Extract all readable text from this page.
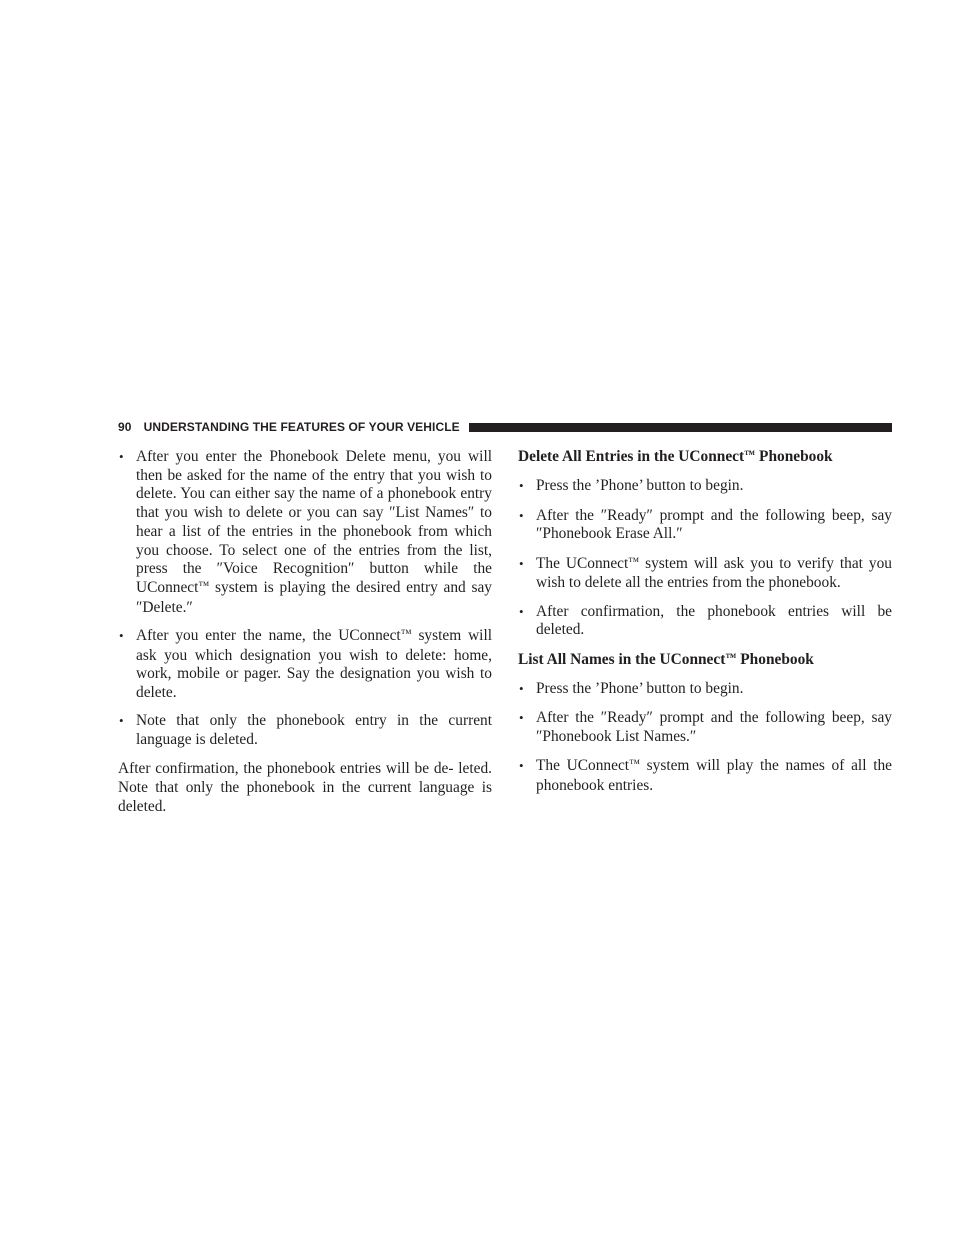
90 UNDERSTANDING THE FEATURES OF YOUR VEHICLE
• After you enter the Phonebook Delete menu, you will then be asked for the name of the entry that you wish to delete. You can either say the name of a phonebook entry that you wish to delete or you can say ″List Names″ to hear a list of the entries in the phonebook from which you choose. To select one of the entries from the list, press the ″Voice Recognition″ button while the UConnect™ system is playing the desired entry and say ″Delete.″
• After you enter the name, the UConnect™ system will ask you which designation you wish to delete: home, work, mobile or pager. Say the designation you wish to delete.
• Note that only the phonebook entry in the current language is deleted.

After confirmation, the phonebook entries will be de- leted. Note that only the phonebook in the current language is deleted.

Delete All Entries in the UConnect™ Phonebook
• Press the ’Phone’ button to begin.
• After the ″Ready″ prompt and the following beep, say ″Phonebook Erase All.″
• The UConnect™ system will ask you to verify that you wish to delete all the entries from the phonebook.
• After confirmation, the phonebook entries will be deleted.
List All Names in the UConnect™ Phonebook
• Press the ’Phone’ button to begin.
• After the ″Ready″ prompt and the following beep, say ″Phonebook List Names.″
• The UConnect™ system will play the names of all the phonebook entries.
